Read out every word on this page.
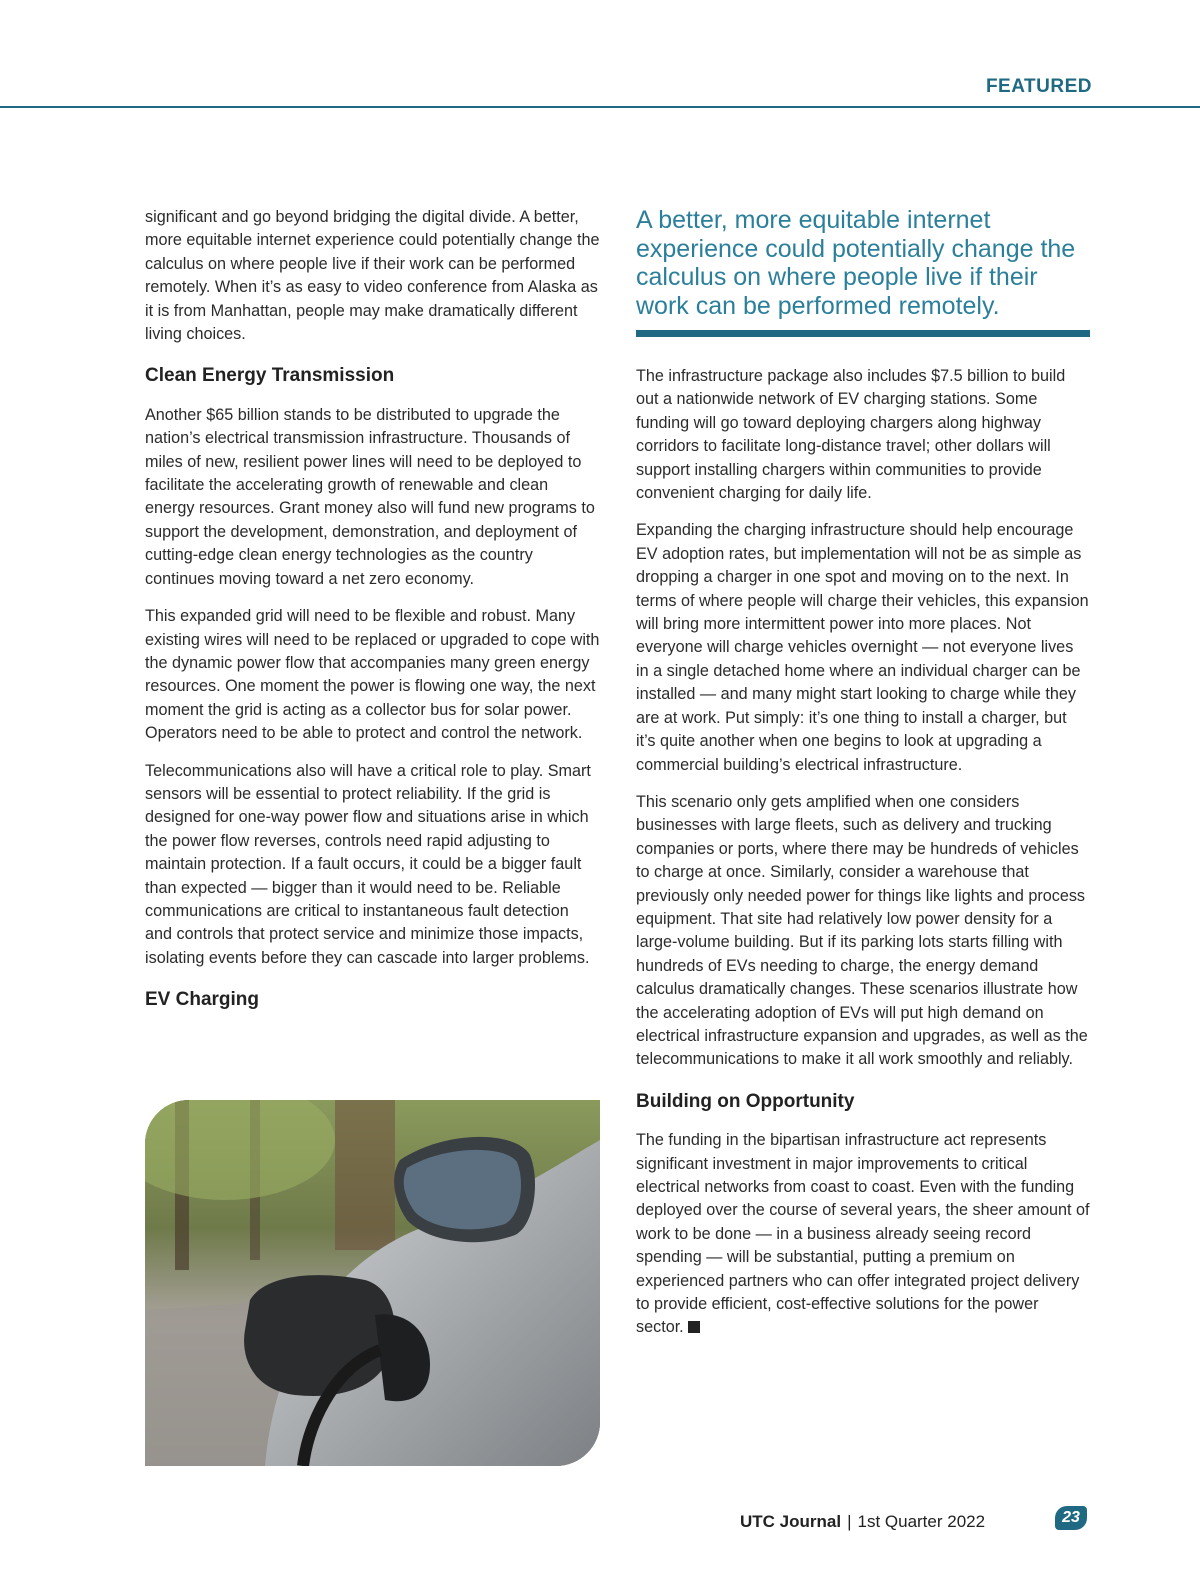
FEATURED

significant and go beyond bridging the digital divide. A better, more equitable internet experience could potentially change the calculus on where people live if their work can be performed remotely. When it’s as easy to video conference from Alaska as it is from Manhattan, people may make dramatically different living choices.

Clean Energy Transmission

Another $65 billion stands to be distributed to upgrade the nation’s electrical transmission infrastructure. Thousands of miles of new, resilient power lines will need to be deployed to facilitate the accelerating growth of renewable and clean energy resources. Grant money also will fund new programs to support the development, demonstration, and deployment of cutting-edge clean energy technologies as the country continues moving toward a net zero economy.

This expanded grid will need to be flexible and robust. Many existing wires will need to be replaced or upgraded to cope with the dynamic power flow that accompanies many green energy resources. One moment the power is flowing one way, the next moment the grid is acting as a collector bus for solar power. Operators need to be able to protect and control the network.

Telecommunications also will have a critical role to play. Smart sensors will be essential to protect reliability. If the grid is designed for one-way power flow and situations arise in which the power flow reverses, controls need rapid adjusting to maintain protection. If a fault occurs, it could be a bigger fault than expected — bigger than it would need to be. Reliable communications are critical to instantaneous fault detection and controls that protect service and minimize those impacts, isolating events before they can cascade into larger problems.

EV Charging
A better, more equitable internet experience could potentially change the calculus on where people live if their work can be performed remotely.

The infrastructure package also includes $7.5 billion to build out a nationwide network of EV charging stations. Some funding will go toward deploying chargers along highway corridors to facilitate long-distance travel; other dollars will support installing chargers within communities to provide convenient charging for daily life.

Expanding the charging infrastructure should help encourage EV adoption rates, but implementation will not be as simple as dropping a charger in one spot and moving on to the next. In terms of where people will charge their vehicles, this expansion will bring more intermittent power into more places. Not everyone will charge vehicles overnight — not everyone lives in a single detached home where an individual charger can be installed — and many might start looking to charge while they are at work. Put simply: it’s one thing to install a charger, but it’s quite another when one begins to look at upgrading a commercial building’s electrical infrastructure.

This scenario only gets amplified when one considers businesses with large fleets, such as delivery and trucking companies or ports, where there may be hundreds of vehicles to charge at once. Similarly, consider a warehouse that previously only needed power for things like lights and process equipment. That site had relatively low power density for a large-volume building. But if its parking lots starts filling with hundreds of EVs needing to charge, the energy demand calculus dramatically changes. These scenarios illustrate how the accelerating adoption of EVs will put high demand on electrical infrastructure expansion and upgrades, as well as the telecommunications to make it all work smoothly and reliably.

Building on Opportunity

The funding in the bipartisan infrastructure act represents significant investment in major improvements to critical electrical networks from coast to coast. Even with the funding deployed over the course of several years, the sheer amount of work to be done — in a business already seeing record spending — will be substantial, putting a premium on experienced partners who can offer integrated project delivery to provide efficient, cost-effective solutions for the power sector.

UTC Journal | 1st Quarter 2022	23
